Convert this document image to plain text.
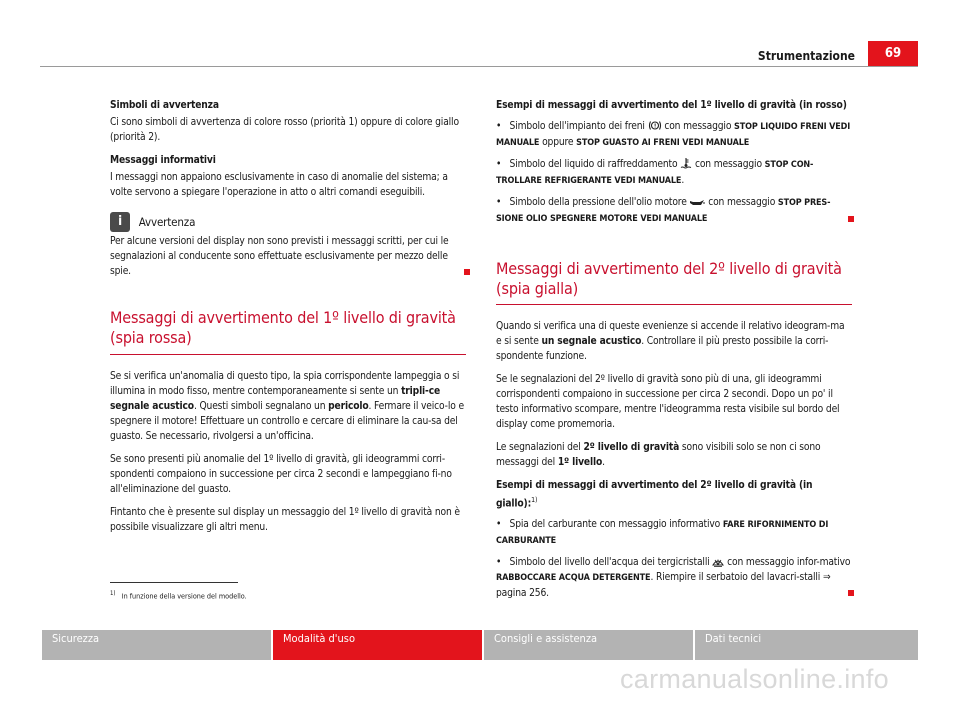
Strumentazione	69

Simboli di avvertenza

Ci sono simboli di avvertenza di colore rosso (priorità 1) oppure di colore giallo (priorità 2).

Messaggi informativi

I messaggi non appaiono esclusivamente in caso di anomalie del sistema; a volte servono a spiegare l'operazione in atto o altri comandi eseguibili.

i Avvertenza
Per alcune versioni del display non sono previsti i messaggi scritti, per cui le segnalazioni al conducente sono effettuate esclusivamente per mezzo delle spie.
Messaggi di avvertimento del 1º livello di gravità (spia rossa)

Se si verifica un'anomalia di questo tipo, la spia corrispondente lampeggia o si illumina in modo fisso, mentre contemporaneamente si sente un tripli-ce segnale acustico. Questi simboli segnalano un pericolo. Fermare il veico-lo e spegnere il motore! Effettuare un controllo e cercare di eliminare la cau-sa del guasto. Se necessario, rivolgersi a un'officina.

Se sono presenti più anomalie del 1º livello di gravità, gli ideogrammi corri-spondenti compaiono in successione per circa 2 secondi e lampeggiano fi-no all'eliminazione del guasto.

Fintanto che è presente sul display un messaggio del 1º livello di gravità non è possibile visualizzare gli altri menu.

Esempi di messaggi di avvertimento del 1º livello di gravità (in rosso)

•   Simbolo dell'impianto dei freni ! con messaggio STOP LIQUIDO FRENI VEDI MANUALE oppure STOP GUASTO AI FRENI VEDI MANUALE

•   Simbolo del liquido di raffreddamento  con messaggio STOP CON-TROLLARE REFRIGERANTE VEDI MANUALE.

•   Simbolo della pressione dell'olio motore  con messaggio STOP PRES-SIONE OLIO SPEGNERE MOTORE VEDI MANUALE

Messaggi di avvertimento del 2º livello di gravità (spia gialla)

Quando si verifica una di queste evenienze si accende il relativo ideogram-ma e si sente un segnale acustico. Controllare il più presto possibile la corri-spondente funzione.

Se le segnalazioni del 2º livello di gravità sono più di una, gli ideogrammi corrispondenti compaiono in successione per circa 2 secondi. Dopo un po' il testo informativo scompare, mentre l'ideogramma resta visibile sul bordo del display come promemoria.

Le segnalazioni del 2º livello di gravità sono visibili solo se non ci sono messaggi del 1º livello.

Esempi di messaggi di avvertimento del 2º livello di gravità (in giallo):$^{1)}$

•   Spia del carburante con messaggio informativo FARE RIFORNIMENTO DI CARBURANTE

•   Simbolo del livello dell'acqua dei tergicristalli  con messaggio infor-mativo RABBOCCARE ACQUA DETERGENTE. Riempire il serbatoio del lavacri-stalli ⇒ pagina 256.

$^{1)}$ In funzione della versione del modello.
Sicurezza	Modalità d'uso	Consigli e assistenza	Dati tecnici
carmanualsonline.info
